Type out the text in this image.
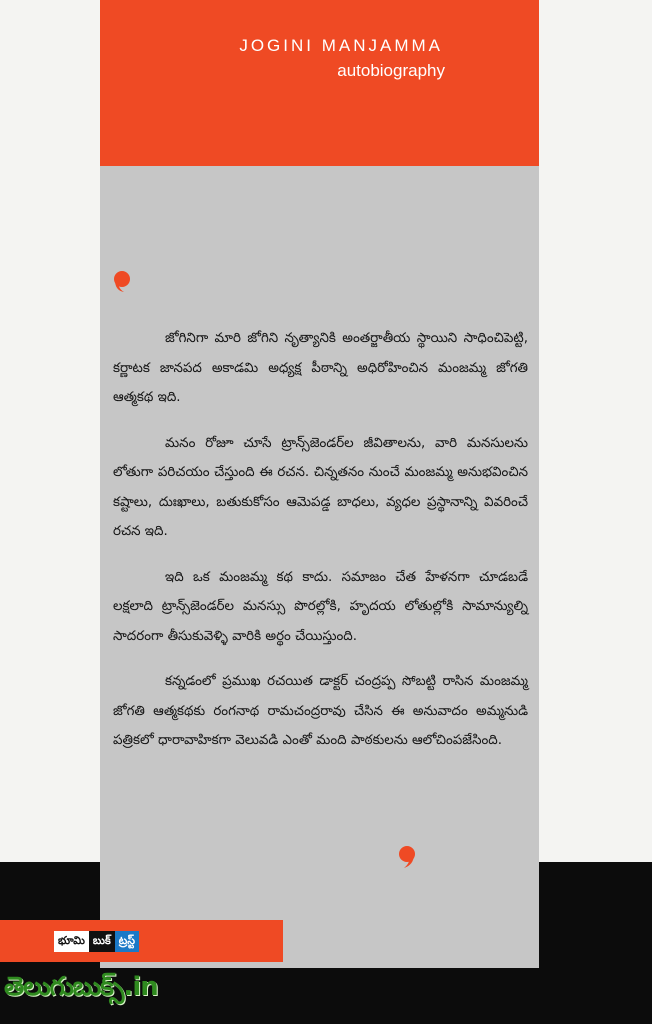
JOGINI MANJAMMA
autobiography

జోగినిగా మారి జోగిని నృత్యానికి అంతర్జాతీయ స్థాయిని సాధించిపెట్టి, కర్ణాటక జానపద అకాడమి అధ్యక్ష పీఠాన్ని అధిరోహించిన మంజమ్మ జోగతి ఆత్మకథ ఇది.

మనం రోజూ చూసే ట్రాన్స్‌జెండర్‌ల జీవితాలను, వారి మనసులను లోతుగా పరిచయం చేస్తుంది ఈ రచన. చిన్నతనం నుంచే మంజమ్మ అనుభవించిన కష్టాలు, దుఃఖాలు, బతుకుకోసం ఆమెపడ్డ బాధలు, వ్యధల ప్రస్థానాన్ని వివరించే రచన ఇది.

ఇది ఒక మంజమ్మ కథ కాదు. సమాజం చేత హేళనగా చూడబడే లక్షలాది ట్రాన్స్‌జెండర్‌ల మనస్సు పొరల్లోకి, హృదయ లోతుల్లోకి సామాన్యుల్ని సాదరంగా తీసుకువెళ్ళి వారికి అర్థం చేయిస్తుంది.

కన్నడంలో ప్రముఖ రచయిత డాక్టర్ చంద్రప్ప సోబట్టి రాసిన మంజమ్మ జోగతి ఆత్మకథకు రంగనాథ రామచంద్రరావు చేసిన ఈ అనువాదం అమ్మనుడి పత్రికలో ధారావాహికగా వెలువడి ఎంతో మంది పాఠకులను ఆలోచింపజేసింది.

భూమి బుక్ ట్రస్ట్
తెలుగుబుక్స్.in
